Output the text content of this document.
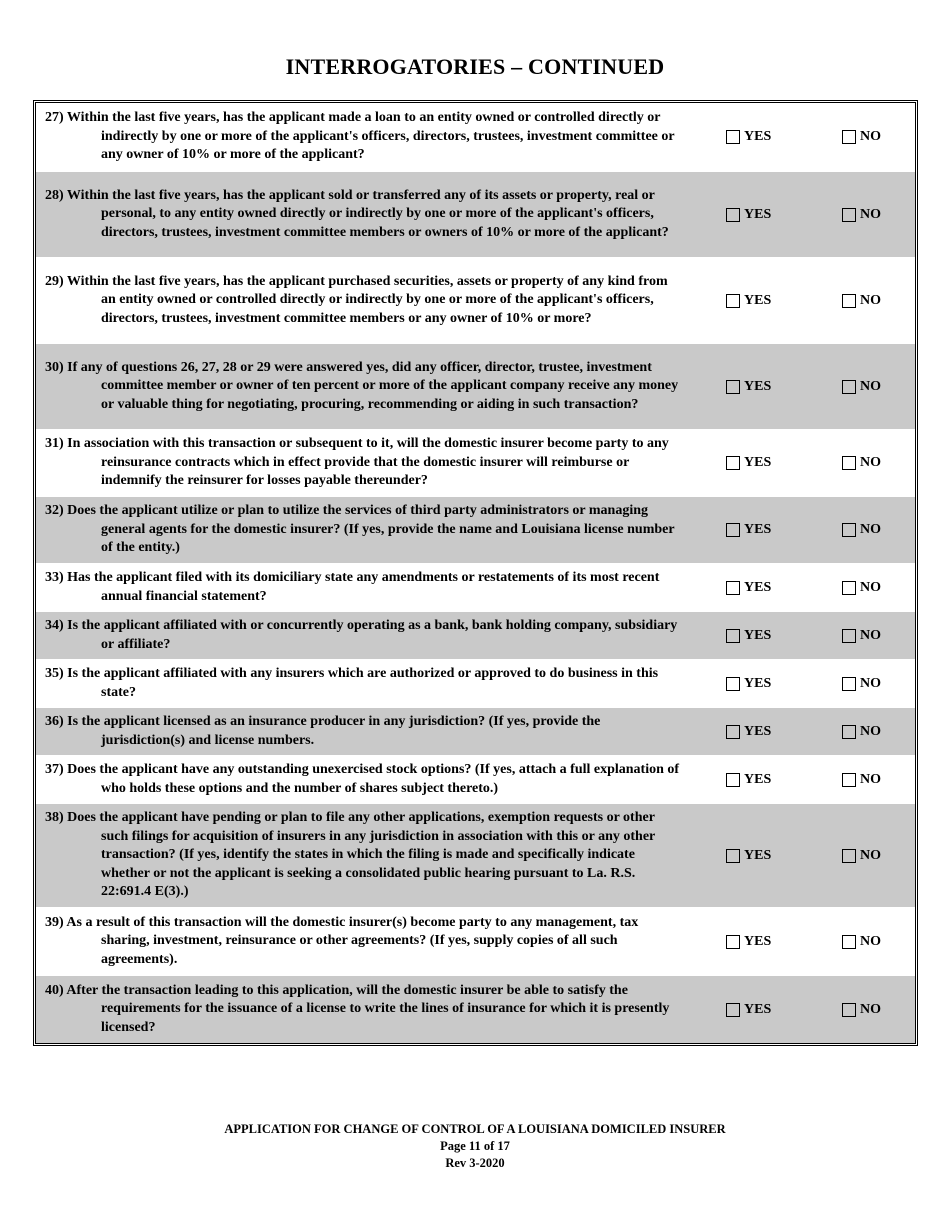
INTERROGATORIES – CONTINUED
27) Within the last five years, has the applicant made a loan to an entity owned or controlled directly or indirectly by one or more of the applicant's officers, directors, trustees, investment committee or any owner of 10% or more of the applicant?
YES	NO
28) Within the last five years, has the applicant sold or transferred any of its assets or property, real or personal, to any entity owned directly or indirectly by one or more of the applicant's officers, directors, trustees, investment committee members or owners of 10% or more of the applicant?
YES	NO
29) Within the last five years, has the applicant purchased securities, assets or property of any kind from an entity owned or controlled directly or indirectly by one or more of the applicant's officers, directors, trustees, investment committee members or any owner of 10% or more?
YES	NO
30) If any of questions 26, 27, 28 or 29 were answered yes, did any officer, director, trustee, investment committee member or owner of ten percent or more of the applicant company receive any money or valuable thing for negotiating, procuring, recommending or aiding in such transaction?
YES	NO
31) In association with this transaction or subsequent to it, will the domestic insurer become party to any reinsurance contracts which in effect provide that the domestic insurer will reimburse or indemnify the reinsurer for losses payable thereunder?
YES	NO
32) Does the applicant utilize or plan to utilize the services of third party administrators or managing general agents for the domestic insurer? (If yes, provide the name and Louisiana license number of the entity.)
YES	NO
33) Has the applicant filed with its domiciliary state any amendments or restatements of its most recent annual financial statement?
YES	NO
34) Is the applicant affiliated with or concurrently operating as a bank, bank holding company, subsidiary or affiliate?
YES	NO
35) Is the applicant affiliated with any insurers which are authorized or approved to do business in this state?
YES	NO
36) Is the applicant licensed as an insurance producer in any jurisdiction? (If yes, provide the jurisdiction(s) and license numbers.
YES	NO
37) Does the applicant have any outstanding unexercised stock options? (If yes, attach a full explanation of who holds these options and the number of shares subject thereto.)
YES	NO
38) Does the applicant have pending or plan to file any other applications, exemption requests or other such filings for acquisition of insurers in any jurisdiction in association with this or any other transaction? (If yes, identify the states in which the filing is made and specifically indicate whether or not the applicant is seeking a consolidated public hearing pursuant to La. R.S. 22:691.4 E(3).)
YES	NO
39) As a result of this transaction will the domestic insurer(s) become party to any management, tax sharing, investment, reinsurance or other agreements? (If yes, supply copies of all such agreements).
YES	NO
40) After the transaction leading to this application, will the domestic insurer be able to satisfy the requirements for the issuance of a license to write the lines of insurance for which it is presently licensed?
YES	NO
APPLICATION FOR CHANGE OF CONTROL OF A LOUISIANA DOMICILED INSURER
Page 11 of 17
Rev 3-2020
